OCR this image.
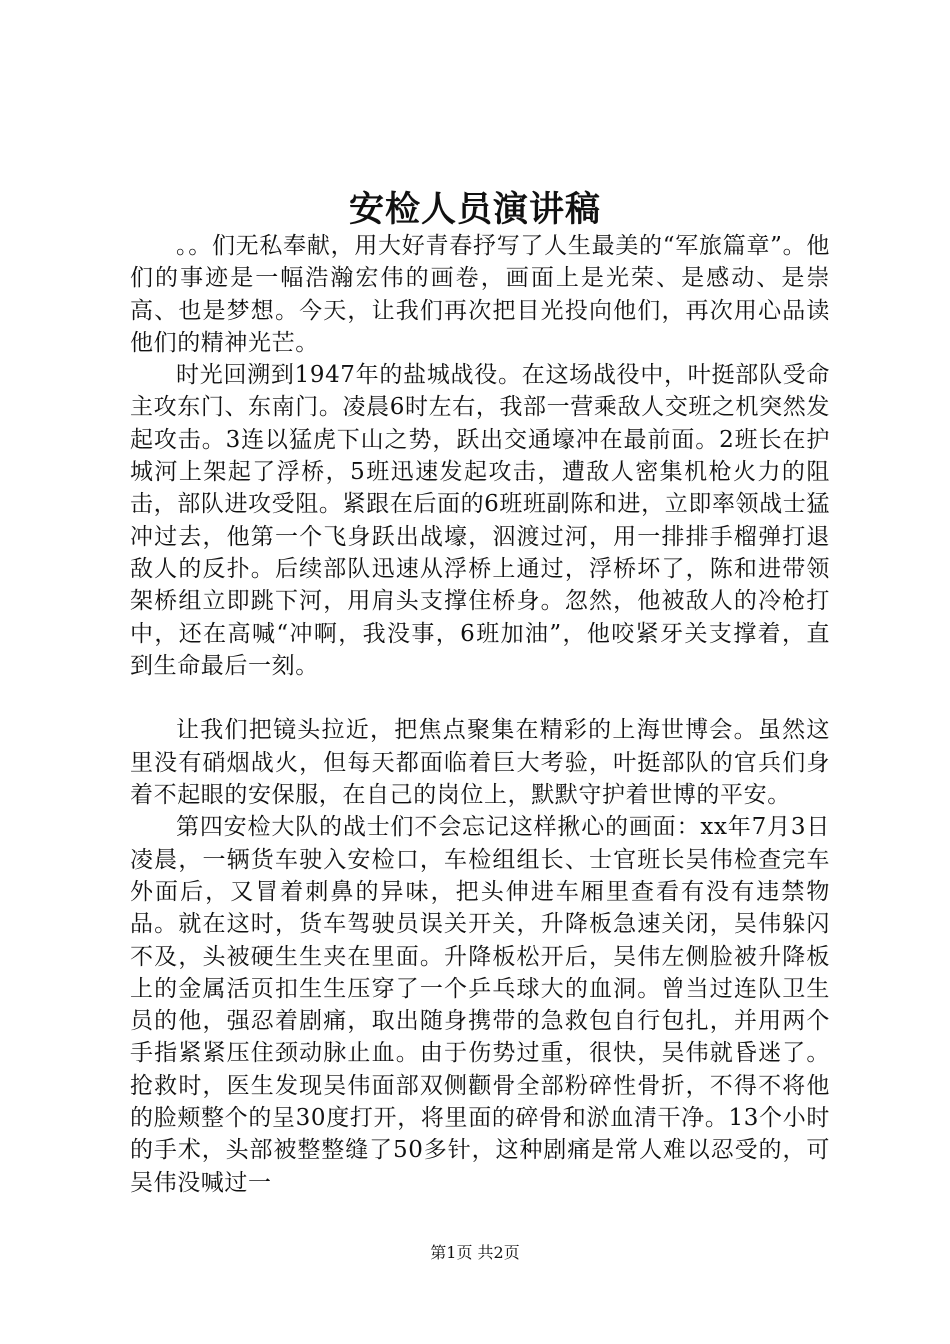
安检人员演讲稿

。。们无私奉献，用大好青春抒写了人生最美的“军旅篇章”。他们的事迹是一幅浩瀚宏伟的画卷，画面上是光荣、是感动、是崇高、也是梦想。今天，让我们再次把目光投向他们，再次用心品读他们的精神光芒。

时光回溯到1947年的盐城战役。在这场战役中，叶挺部队受命主攻东门、东南门。凌晨6时左右，我部一营乘敌人交班之机突然发起攻击。3连以猛虎下山之势，跃出交通壕冲在最前面。2班长在护城河上架起了浮桥，5班迅速发起攻击，遭敌人密集机枪火力的阻击，部队进攻受阻。紧跟在后面的6班班副陈和进，立即率领战士猛冲过去，他第一个飞身跃出战壕，泅渡过河，用一排排手榴弹打退敌人的反扑。后续部队迅速从浮桥上通过，浮桥坏了，陈和进带领架桥组立即跳下河，用肩头支撑住桥身。忽然，他被敌人的冷枪打中，还在高喊“冲啊，我没事，6班加油”，他咬紧牙关支撑着，直到生命最后一刻。

让我们把镜头拉近，把焦点聚集在精彩的上海世博会。虽然这里没有硝烟战火，但每天都面临着巨大考验，叶挺部队的官兵们身着不起眼的安保服，在自己的岗位上，默默守护着世博的平安。

第四安检大队的战士们不会忘记这样揪心的画面：xx年7月3日凌晨，一辆货车驶入安检口，车检组组长、士官班长吴伟检查完车外面后，又冒着刺鼻的异味，把头伸进车厢里查看有没有违禁物品。就在这时，货车驾驶员误关开关，升降板急速关闭，吴伟躲闪不及，头被硬生生夹在里面。升降板松开后，吴伟左侧脸被升降板上的金属活页扣生生压穿了一个乒乓球大的血洞。曾当过连队卫生员的他，强忍着剧痛，取出随身携带的急救包自行包扎，并用两个手指紧紧压住颈动脉止血。由于伤势过重，很快，吴伟就昏迷了。抢救时，医生发现吴伟面部双侧颧骨全部粉碎性骨折，不得不将他的脸颊整个的呈30度打开，将里面的碎骨和淤血清干净。13个小时的手术，头部被整整缝了50多针，这种剧痛是常人难以忍受的，可吴伟没喊过一

第1页 共2页
